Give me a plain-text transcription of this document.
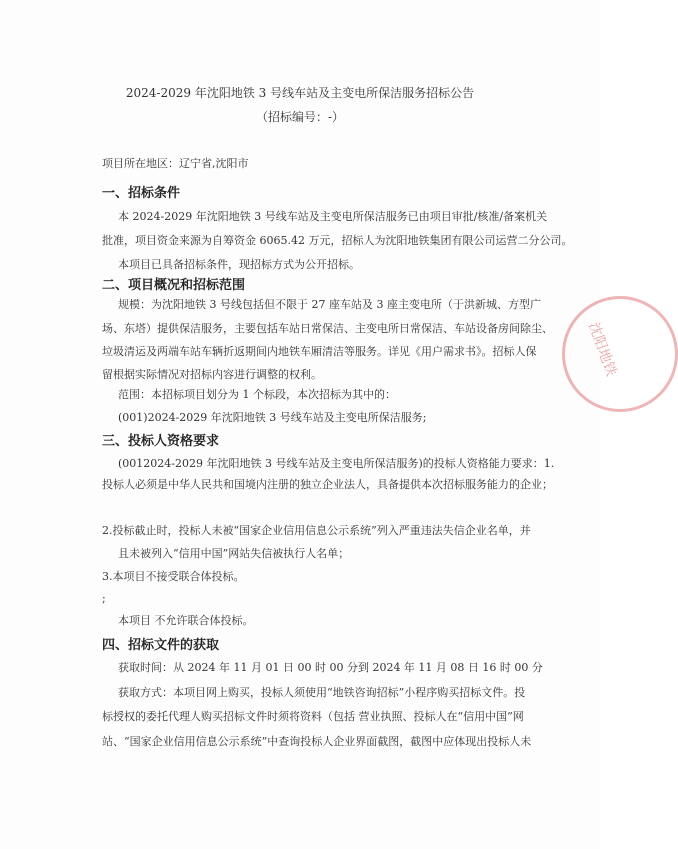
2024-2029 年沈阳地铁 3 号线车站及主变电所保洁服务招标公告
（招标编号：-）
项目所在地区：辽宁省,沈阳市
一、招标条件
本 2024-2029 年沈阳地铁 3 号线车站及主变电所保洁服务已由项目审批/核准/备案机关
批准，项目资金来源为自筹资金 6065.42 万元，招标人为沈阳地铁集团有限公司运营二分公司。
本项目已具备招标条件，现招标方式为公开招标。
二、项目概况和招标范围
规模：为沈阳地铁 3 号线包括但不限于 27 座车站及 3 座主变电所（于洪新城、方型广
场、东塔）提供保洁服务，主要包括车站日常保洁、主变电所日常保洁、车站设备房间除尘、
垃圾清运及两端车站车辆折返期间内地铁车厢清洁等服务。详见《用户需求书》。招标人保
留根据实际情况对招标内容进行调整的权利。
范围：本招标项目划分为 1 个标段，本次招标为其中的：
(001)2024-2029 年沈阳地铁 3 号线车站及主变电所保洁服务;
三、投标人资格要求
(0012024-2029 年沈阳地铁 3 号线车站及主变电所保洁服务)的投标人资格能力要求：1.
投标人必须是中华人民共和国境内注册的独立企业法人，具备提供本次招标服务能力的企业；
2.投标截止时，投标人未被“国家企业信用信息公示系统”列入严重违法失信企业名单，并
且未被列入“信用中国”网站失信被执行人名单；
3.本项目不接受联合体投标。
;
本项目 不允许联合体投标。
四、招标文件的获取
获取时间：从 2024 年 11 月 01 日 00 时 00 分到 2024 年 11 月 08 日 16 时 00 分
获取方式：本项目网上购买，投标人须使用“地铁咨询招标”小程序购买招标文件。投
标授权的委托代理人购买招标文件时须将资料（包括 营业执照、投标人在“信用中国”网
站、“国家企业信用信息公示系统”中查询投标人企业界面截图，截图中应体现出投标人未
沈阳地铁
